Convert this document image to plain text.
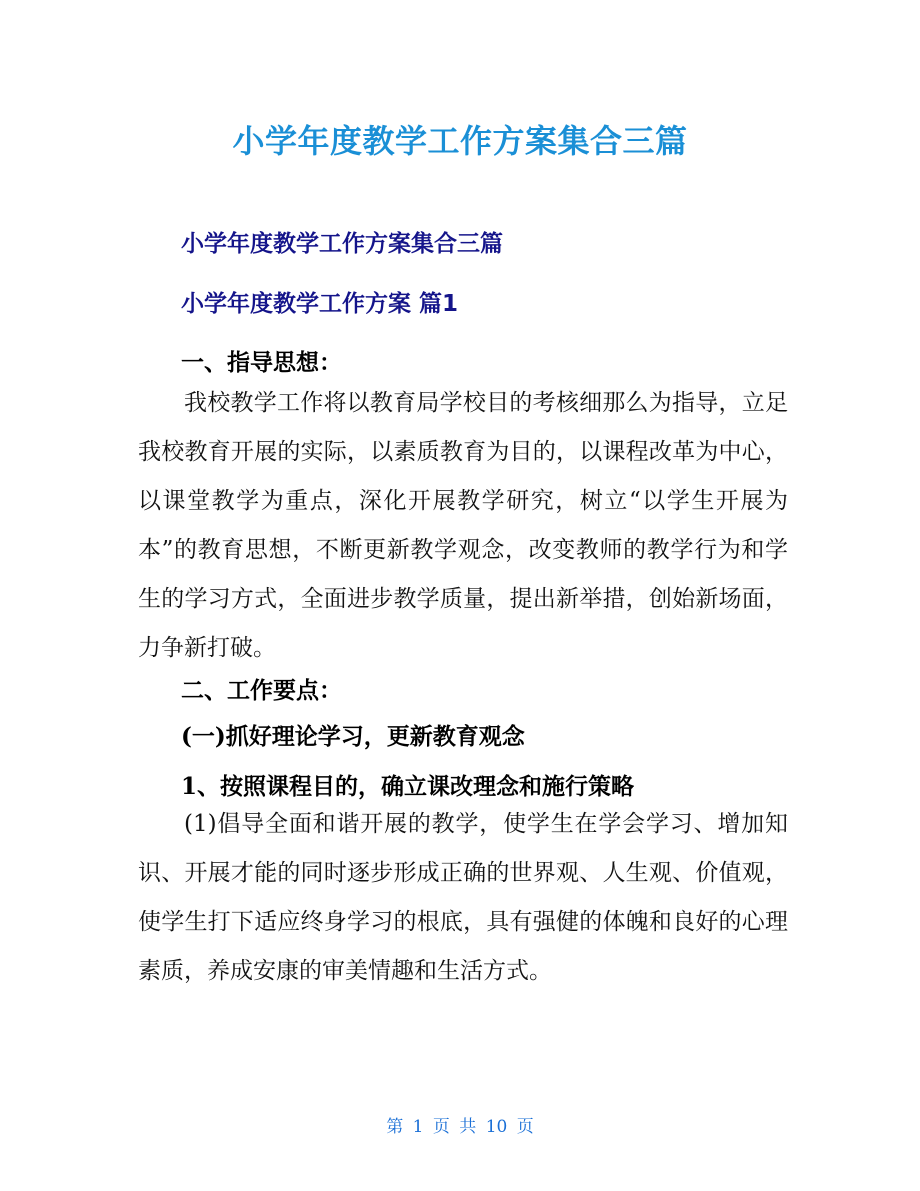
小学年度教学工作方案集合三篇
小学年度教学工作方案集合三篇
小学年度教学工作方案 篇1
一、指导思想：

我校教学工作将以教育局学校目的考核细那么为指导，立足我校教育开展的实际，以素质教育为目的，以课程改革为中心，以课堂教学为重点，深化开展教学研究，树立“以学生开展为本”的教育思想，不断更新教学观念，改变教师的教学行为和学生的学习方式，全面进步教学质量，提出新举措，创始新场面，力争新打破。

二、工作要点：
(一)抓好理论学习，更新教育观念
1、按照课程目的，确立课改理念和施行策略

(1)倡导全面和谐开展的教学，使学生在学会学习、增加知识、开展才能的同时逐步形成正确的世界观、人生观、价值观，使学生打下适应终身学习的根底，具有强健的体魄和良好的心理素质，养成安康的审美情趣和生活方式。

第 1 页 共 10 页
